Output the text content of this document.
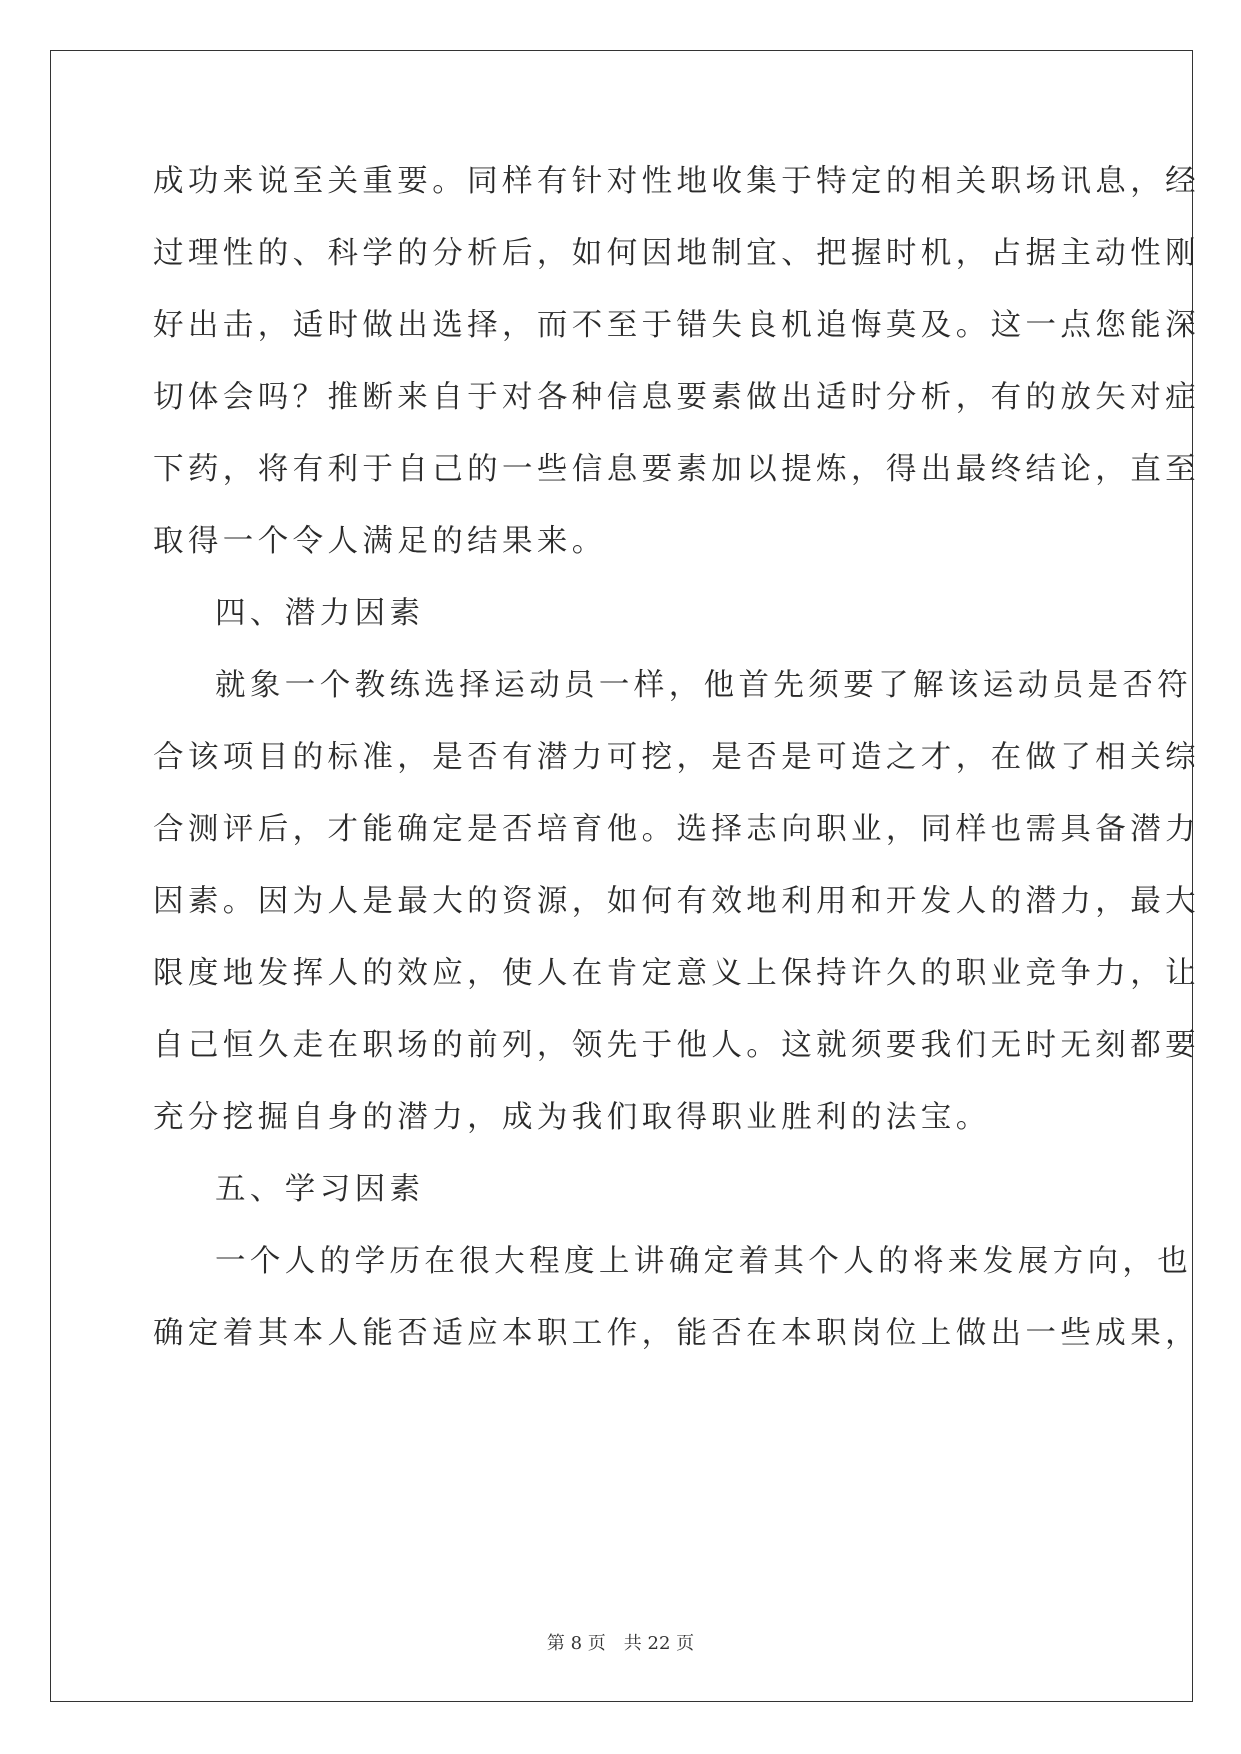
成功来说至关重要。同样有针对性地收集于特定的相关职场讯息，经
过理性的、科学的分析后，如何因地制宜、把握时机，占据主动性刚
好出击，适时做出选择，而不至于错失良机追悔莫及。这一点您能深
切体会吗？推断来自于对各种信息要素做出适时分析，有的放矢对症
下药，将有利于自己的一些信息要素加以提炼，得出最终结论，直至
取得一个令人满足的结果来。
四、潜力因素
就象一个教练选择运动员一样，他首先须要了解该运动员是否符
合该项目的标准，是否有潜力可挖，是否是可造之才，在做了相关综
合测评后，才能确定是否培育他。选择志向职业，同样也需具备潜力
因素。因为人是最大的资源，如何有效地利用和开发人的潜力，最大
限度地发挥人的效应，使人在肯定意义上保持许久的职业竞争力，让
自己恒久走在职场的前列，领先于他人。这就须要我们无时无刻都要
充分挖掘自身的潜力，成为我们取得职业胜利的法宝。
五、学习因素
一个人的学历在很大程度上讲确定着其个人的将来发展方向，也
确定着其本人能否适应本职工作，能否在本职岗位上做出一些成果，
第 8 页 共 22 页
